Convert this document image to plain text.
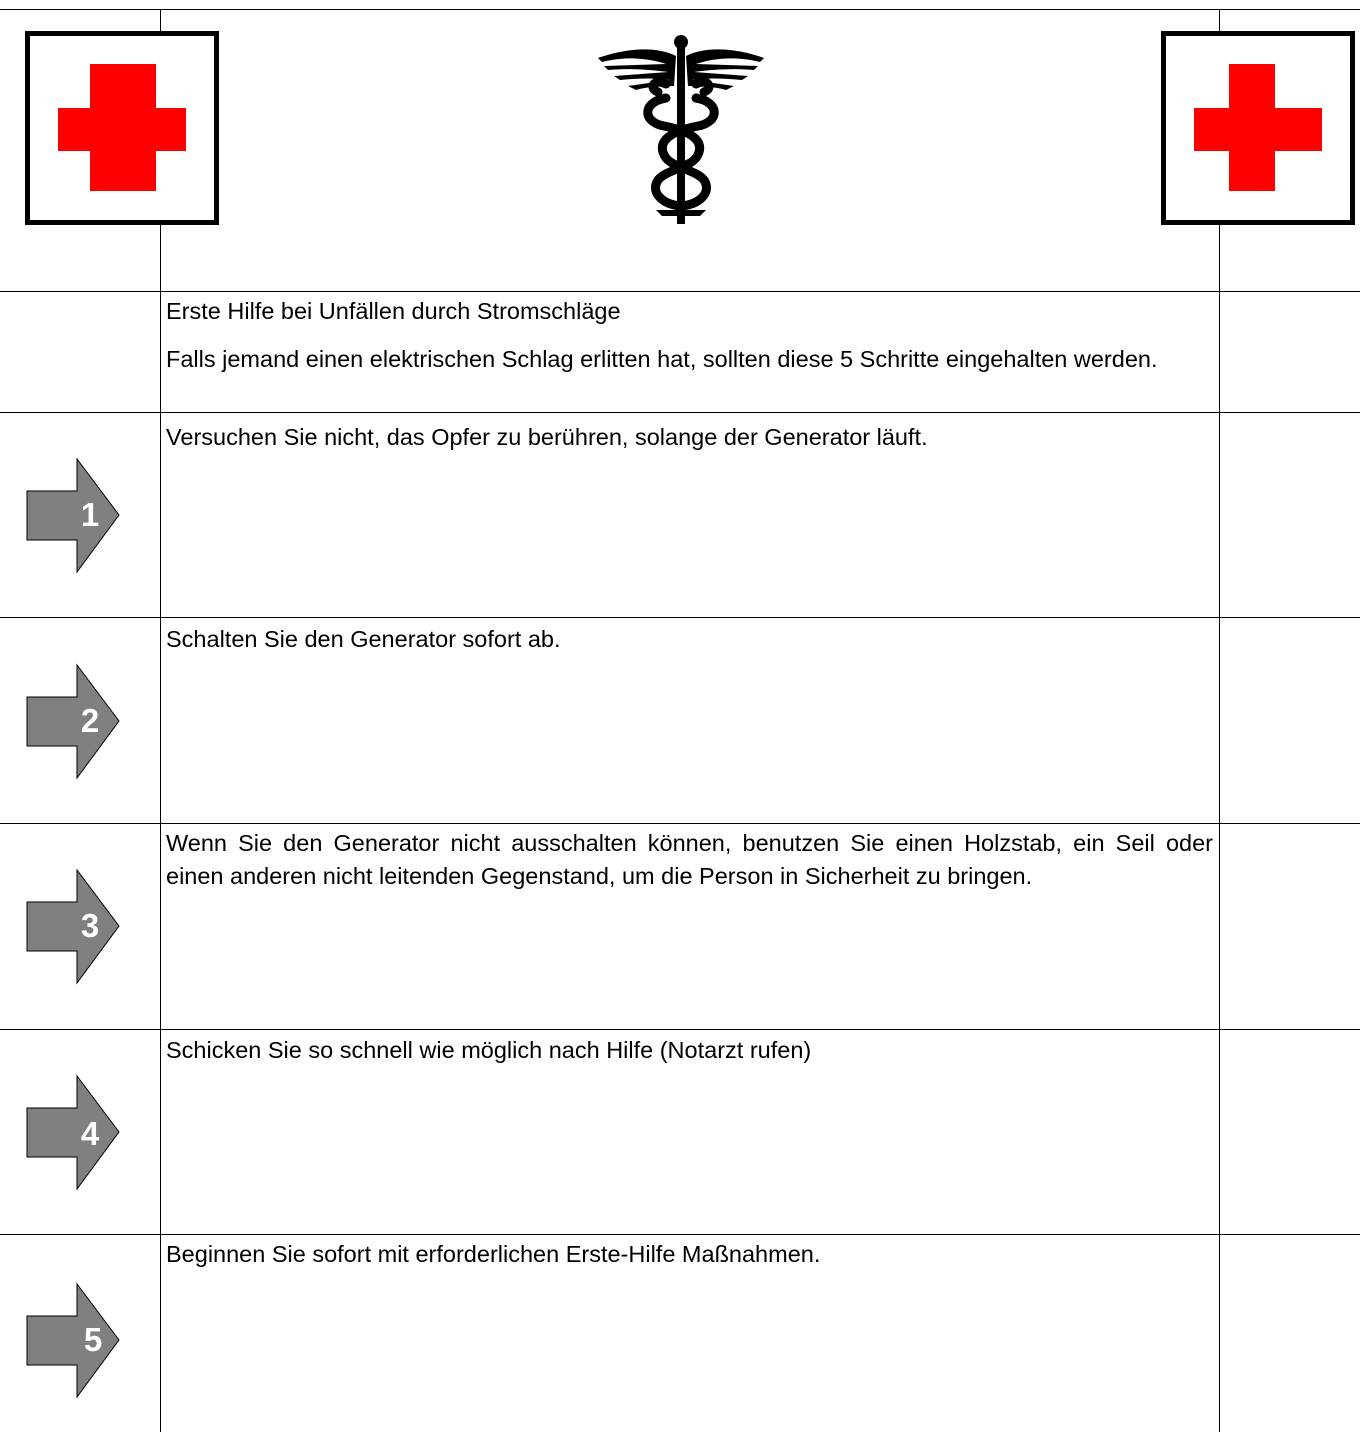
Erste Hilfe bei Unfällen durch Stromschläge

Falls jemand einen elektrischen Schlag erlitten hat, sollten diese 5 Schritte eingehalten werden.

1

Versuchen Sie nicht, das Opfer zu berühren, solange der Generator läuft.

2

Schalten Sie den Generator sofort ab.

3

Wenn Sie den Generator nicht ausschalten können, benutzen Sie einen Holzstab, ein Seil oder einen anderen nicht leitenden Gegenstand, um die Person in Sicherheit zu bringen.

4

Schicken Sie so schnell wie möglich nach Hilfe (Notarzt rufen)

5

Beginnen Sie sofort mit erforderlichen Erste-Hilfe Maßnahmen.
